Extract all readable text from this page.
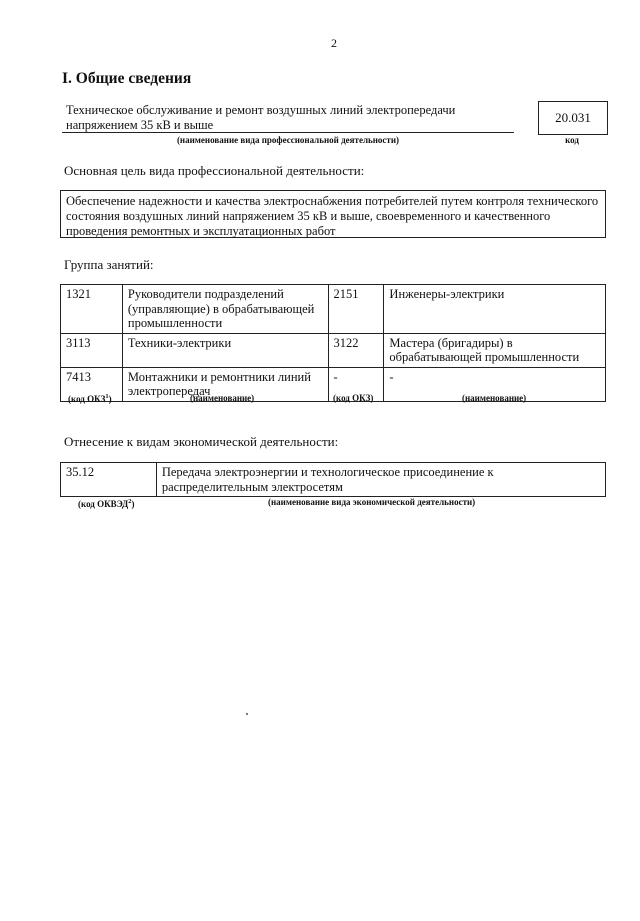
2
I. Общие сведения
Техническое обслуживание и ремонт воздушных линий электропередачи напряжением 35 кВ и выше
(наименование вида профессиональной деятельности)
20.031
код
Основная цель вида профессиональной деятельности:
Обеспечение надежности и качества электроснабжения потребителей путем контроля технического состояния воздушных линий напряжением 35 кВ и выше, своевременного и качественного проведения ремонтных и эксплуатационных работ
Группа занятий:
1321	Руководители подразделений (управляющие) в обрабатывающей промышленности	2151	Инженеры-электрики
3113	Техники-электрики	3122	Мастера (бригадиры) в обрабатывающей промышленности
7413	Монтажники и ремонтники линий электропередач	-	-
(код ОКЗ$^1$)	(наименование)	(код ОКЗ)	(наименование)
Отнесение к видам экономической деятельности:
35.12	Передача электроэнергии и технологическое присоединение к распределительным электросетям
(код ОКВЭД$^2$)	(наименование вида экономической деятельности)
